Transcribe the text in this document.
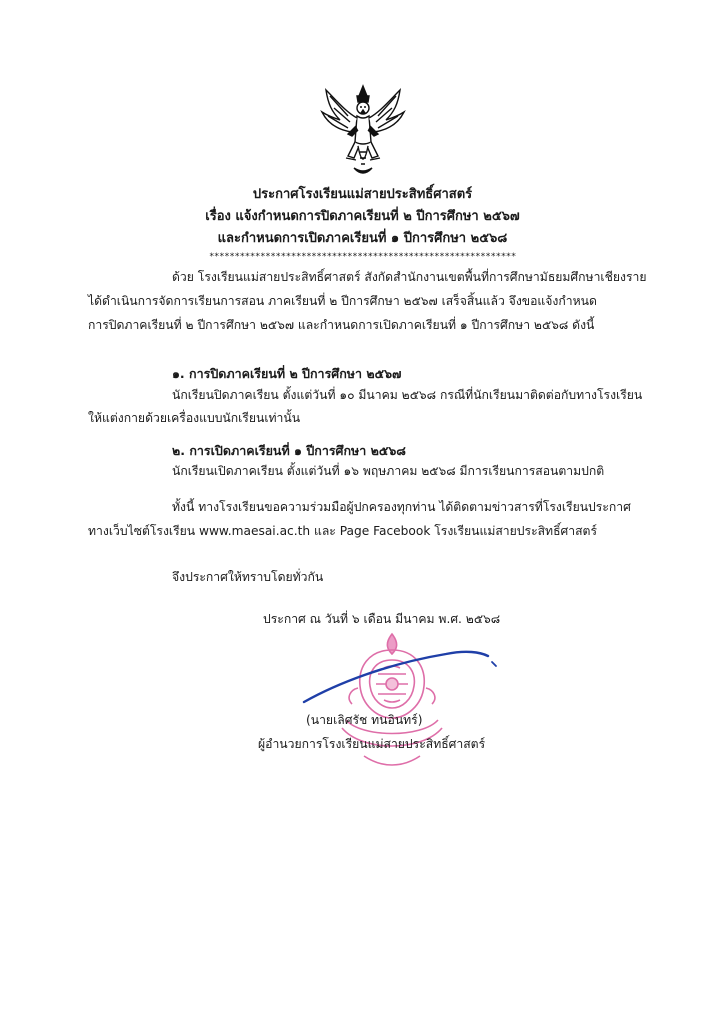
ประกาศโรงเรียนแม่สายประสิทธิ์ศาสตร์
เรื่อง แจ้งกำหนดการปิดภาคเรียนที่ ๒ ปีการศึกษา ๒๕๖๗
และกำหนดการเปิดภาคเรียนที่ ๑ ปีการศึกษา ๒๕๖๘
************************************************************
ด้วย โรงเรียนแม่สายประสิทธิ์ศาสตร์ สังกัดสำนักงานเขตพื้นที่การศึกษามัธยมศึกษาเชียงราย
ได้ดำเนินการจัดการเรียนการสอน ภาคเรียนที่ ๒ ปีการศึกษา ๒๕๖๗ เสร็จสิ้นแล้ว จึงขอแจ้งกำหนด
การปิดภาคเรียนที่ ๒ ปีการศึกษา ๒๕๖๗ และกำหนดการเปิดภาคเรียนที่ ๑ ปีการศึกษา ๒๕๖๘ ดังนี้
๑. การปิดภาคเรียนที่ ๒ ปีการศึกษา ๒๕๖๗
นักเรียนปิดภาคเรียน ตั้งแต่วันที่ ๑๐ มีนาคม ๒๕๖๘ กรณีที่นักเรียนมาติดต่อกับทางโรงเรียน
ให้แต่งกายด้วยเครื่องแบบนักเรียนเท่านั้น
๒. การเปิดภาคเรียนที่ ๑ ปีการศึกษา ๒๕๖๘
นักเรียนเปิดภาคเรียน ตั้งแต่วันที่ ๑๖ พฤษภาคม ๒๕๖๘ มีการเรียนการสอนตามปกติ
ทั้งนี้ ทางโรงเรียนขอความร่วมมือผู้ปกครองทุกท่าน ได้ติดตามข่าวสารที่โรงเรียนประกาศ
ทางเว็บไซต์โรงเรียน www.maesai.ac.th และ Page Facebook โรงเรียนแม่สายประสิทธิ์ศาสตร์
จึงประกาศให้ทราบโดยทั่วกัน
ประกาศ ณ วันที่ ๖ เดือน มีนาคม พ.ศ. ๒๕๖๘
(นายเลิศรัช ทนอินทร์)
ผู้อำนวยการโรงเรียนแม่สายประสิทธิ์ศาสตร์
